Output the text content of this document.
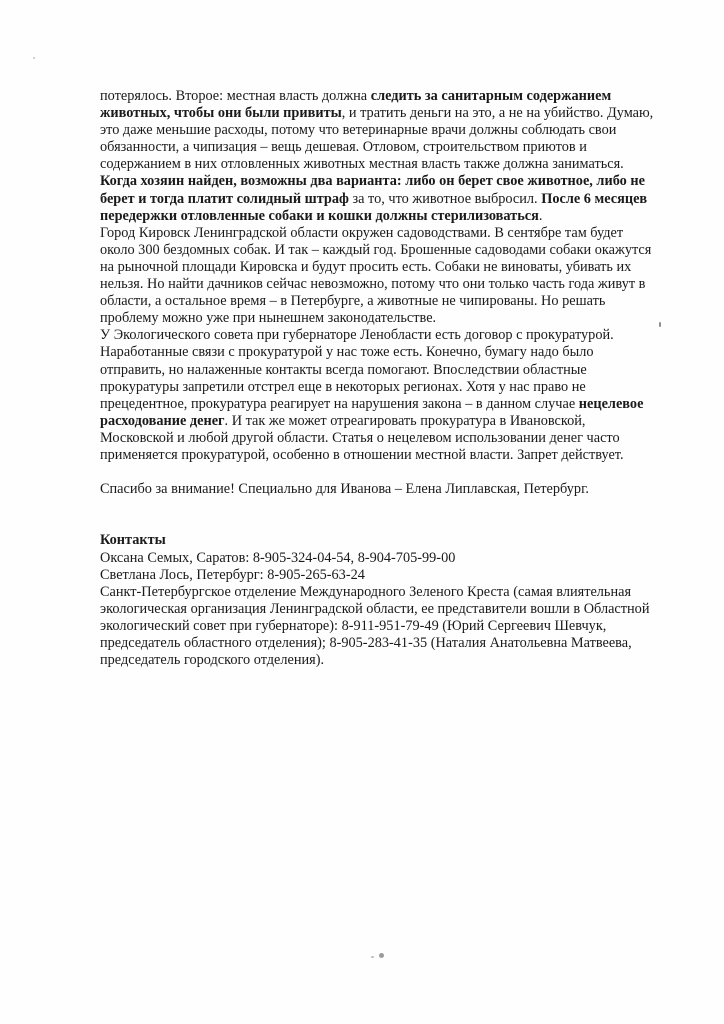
потерялось. Второе: местная власть должна следить за санитарным содержанием
животных, чтобы они были привиты, и тратить деньги на это, а не на убийство. Думаю,
это даже меньшие расходы, потому что ветеринарные врачи должны соблюдать свои
обязанности, а чипизация – вещь дешевая. Отловом, строительством приютов и
содержанием в них отловленных животных местная власть также должна заниматься.
Когда хозяин найден, возможны два варианта: либо он берет свое животное, либо не
берет и тогда платит солидный штраф за то, что животное выбросил. После 6 месяцев
передержки отловленные собаки и кошки должны стерилизоваться.
Город Кировск Ленинградской области окружен садоводствами. В сентябре там будет
около 300 бездомных собак. И так – каждый год. Брошенные садоводами собаки окажутся
на рыночной площади Кировска и будут просить есть. Собаки не виноваты, убивать их
нельзя. Но найти дачников сейчас невозможно, потому что они только часть года живут в
области, а остальное время – в Петербурге, а животные не чипированы. Но решать
проблему можно уже при нынешнем законодательстве.
У Экологического совета при губернаторе Ленобласти есть договор с прокуратурой.
Наработанные связи с прокуратурой у нас тоже есть. Конечно, бумагу надо было
отправить, но налаженные контакты всегда помогают. Впоследствии областные
прокуратуры запретили отстрел еще в некоторых регионах. Хотя у нас право не
прецедентное, прокуратура реагирует на нарушения закона – в данном случае нецелевое
расходование денег. И так же может отреагировать прокуратура в Ивановской,
Московской и любой другой области. Статья о нецелевом использовании денег часто
применяется прокуратурой, особенно в отношении местной власти. Запрет действует.

Спасибо за внимание! Специально для Иванова – Елена Липлавская, Петербург.

Контакты
Оксана Семых, Саратов: 8-905-324-04-54, 8-904-705-99-00
Светлана Лось, Петербург: 8-905-265-63-24
Санкт-Петербургское отделение Международного Зеленого Креста (самая влиятельная
экологическая организация Ленинградской области, ее представители вошли в Областной
экологический совет при губернаторе): 8-911-951-79-49 (Юрий Сергеевич Шевчук,
председатель областного отделения); 8-905-283-41-35 (Наталия Анатольевна Матвеева,
председатель городского отделения).
